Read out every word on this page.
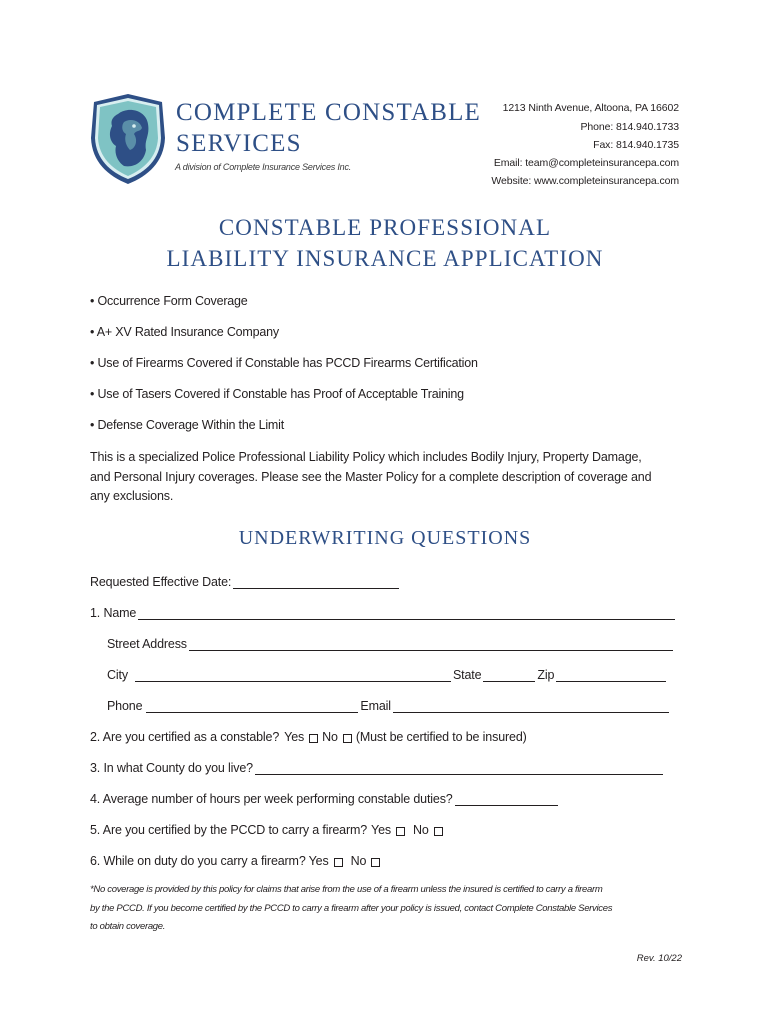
COMPLETE CONSTABLE
SERVICES
A division of Complete Insurance Services Inc.
1213 Ninth Avenue, Altoona, PA 16602
Phone: 814.940.1733
Fax: 814.940.1735
Email: team@completeinsurancepa.com
Website: www.completeinsurancepa.com
CONSTABLE PROFESSIONAL
LIABILITY INSURANCE APPLICATION
• Occurrence Form Coverage
• A+ XV Rated Insurance Company
• Use of Firearms Covered if Constable has PCCD Firearms Certification
• Use of Tasers Covered if Constable has Proof of Acceptable Training
• Defense Coverage Within the Limit
This is a specialized Police Professional Liability Policy which includes Bodily Injury, Property Damage,
and Personal Injury coverages. Please see the Master Policy for a complete description of coverage and
any exclusions.
UNDERWRITING QUESTIONS
Requested Effective Date:
1. Name
Street Address
City	State	Zip
Phone	Email
2. Are you certified as a constable? Yes No (Must be certified to be insured)
3. In what County do you live?
4. Average number of hours per week performing constable duties?
5. Are you certified by the PCCD to carry a firearm? Yes No
6. While on duty do you carry a firearm? Yes No
*No coverage is provided by this policy for claims that arise from the use of a firearm unless the insured is certified to carry a firearm
by the PCCD. If you become certified by the PCCD to carry a firearm after your policy is issued, contact Complete Constable Services
to obtain coverage.
Rev. 10/22
